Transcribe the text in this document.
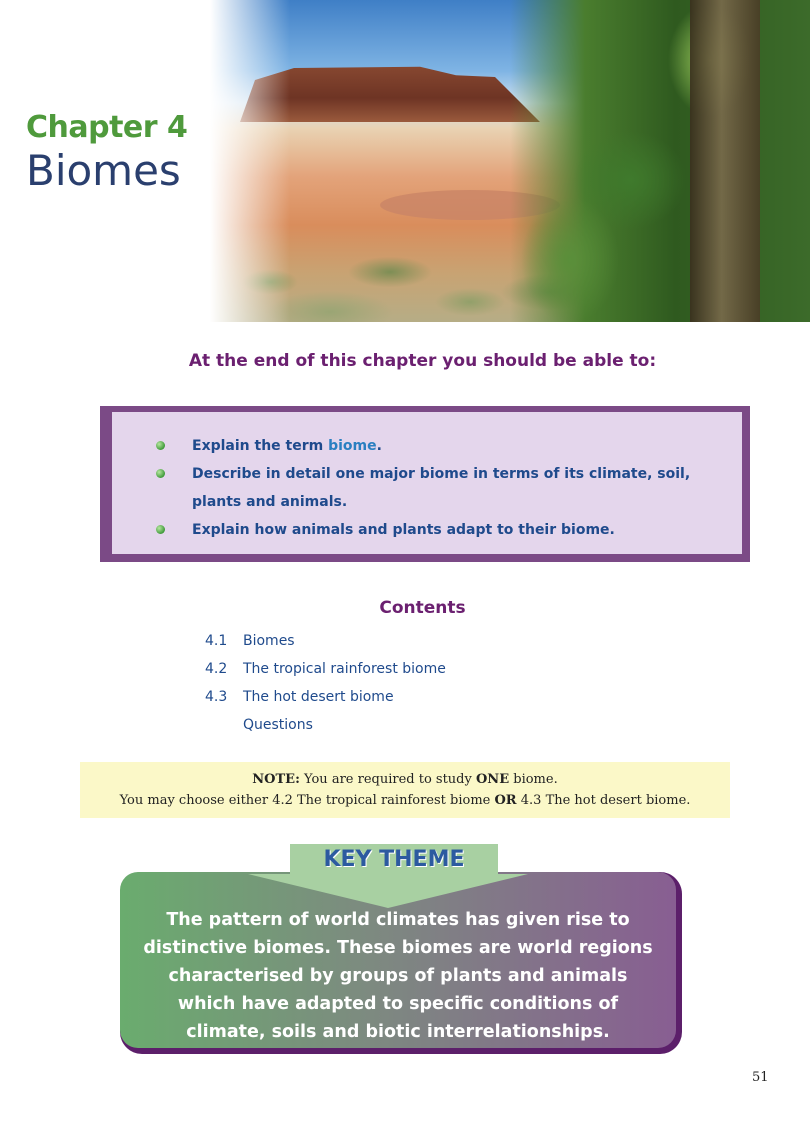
Chapter 4
Biomes
At the end of this chapter you should be able to:
Explain the term biome.
Describe in detail one major biome in terms of its climate, soil, plants and animals.
Explain how animals and plants adapt to their biome.
Contents
4.1 Biomes
4.2 The tropical rainforest biome
4.3 The hot desert biome
Questions
NOTE: You are required to study ONE biome.
You may choose either 4.2 The tropical rainforest biome OR 4.3 The hot desert biome.
The pattern of world climates has given rise to distinctive biomes. These biomes are world regions characterised by groups of plants and animals which have adapted to specific conditions of climate, soils and biotic interrelationships.
KEY THEME

51
